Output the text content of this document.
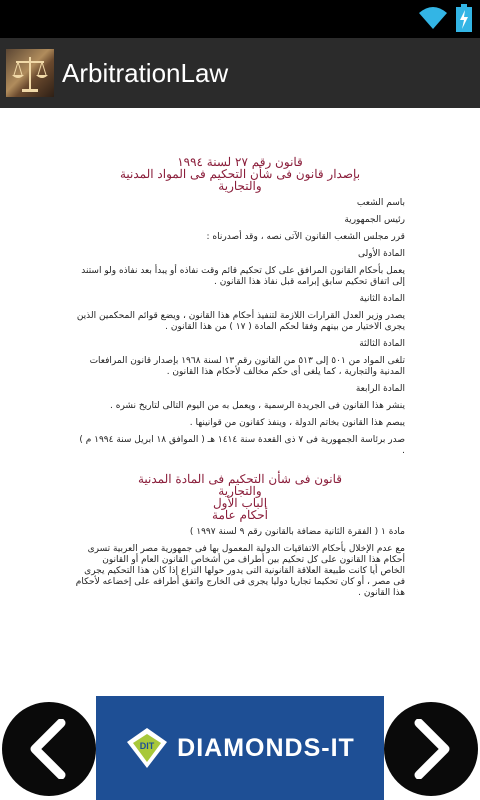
ArbitrationLaw

قانون رقم ٢٧ لسنة ١٩٩٤

بإصدار قانون فى شأن التحكيم فى المواد المدنية

والتجارية

باسم الشعب

رئيس الجمهورية

قرر مجلس الشعب القانون الآتى نصه ، وقد أصدرناه :

المادة الأولى

يعمل بأحكام القانون المرافق على كل تحكيم قائم وقت نفاذه أو يبدأ بعد نفاذه ولو استند إلى اتفاق تحكيم سابق إبرامه قبل نفاذ هذا القانون .

المادة الثانية

يصدر وزير العدل القرارات اللازمة لتنفيذ أحكام هذا القانون ، ويضع قوائم المحكمين الذين يجرى الاختيار من بينهم وفقا لحكم المادة ( ١٧ ) من هذا القانون .

المادة الثالثة

تلغى المواد من ٥٠١ إلى ٥١٣ من القانون رقم ١٣ لسنة ١٩٦٨ بإصدار قانون المرافعات المدنية والتجارية ، كما يلغى أى حكم مخالف لأحكام هذا القانون .

المادة الرابعة

ينشر هذا القانون فى الجريدة الرسمية ، ويعمل به من اليوم التالى لتاريخ نشره .

يبصم هذا القانون بخاتم الدولة ، وينفذ كقانون من قوانينها .

صدر برئاسة الجمهورية فى ٧ ذى القعدة سنة ١٤١٤ هـ ( الموافق ١٨ ابريل سنة ١٩٩٤ م ) .

قانون فى شأن التحكيم فى المادة المدنية

والتجارية

الباب الأول

أحكام عامة

مادة ١ ( الفقرة الثانية مضافة بالقانون رقم ٩ لسنة ١٩٩٧ )

مع عدم الإخلال بأحكام الاتفاقيات الدولية المعمول بها فى جمهورية مصر العربية تسرى أحكام هذا القانون على كل تحكيم بين أطراف من أشخاص القانون العام أو القانون الخاص أيا كانت طبيعة العلاقة القانونية التى يدور حولها النزاع إذا كان هذا التحكيم يجرى فى مصر ، أو كان تحكيما تجاريا دوليا يجرى فى الخارج واتفق أطرافه على إخضاعه لأحكام هذا القانون .

DIT DIAMONDS-IT
